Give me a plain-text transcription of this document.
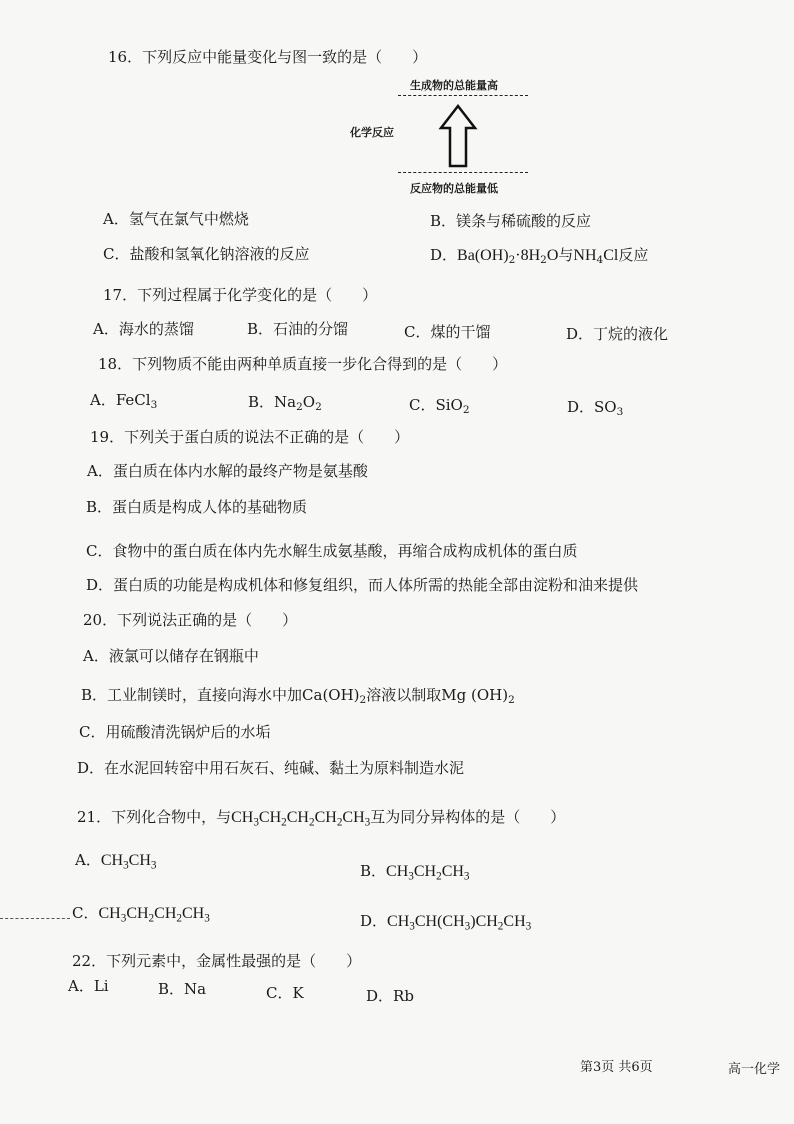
16．下列反应中能量变化与图一致的是（　　）
生成物的总能量高
化学反应
反应物的总能量低
A．氢气在氯气中燃烧	B．镁条与稀硫酸的反应
C．盐酸和氢氧化钠溶液的反应	D．$Ba(OH)_2\cdot 8H_2O$与$NH_4Cl$反应
17．下列过程属于化学变化的是（　　）
A．海水的蒸馏	B．石油的分馏	C．煤的干馏	D．丁烷的液化
18．下列物质不能由两种单质直接一步化合得到的是（　　）
A．FeCl$_3$	B．$Na_2O_2$	C．SiO$_2$	D．$SO_3$
19．下列关于蛋白质的说法不正确的是（　　）
A．蛋白质在体内水解的最终产物是氨基酸
B．蛋白质是构成人体的基础物质
C．食物中的蛋白质在体内先水解生成氨基酸，再缩合成构成机体的蛋白质
D．蛋白质的功能是构成机体和修复组织，而人体所需的热能全部由淀粉和油来提供
20．下列说法正确的是（　　）
A．液氯可以储存在钢瓶中
B．工业制镁时，直接向海水中加$Ca(OH)_2$溶液以制取Mg $(OH)_2$
C．用硫酸清洗锅炉后的水垢
D．在水泥回转窑中用石灰石、纯碱、黏土为原料制造水泥
21．下列化合物中，与$CH_3CH_2CH_2CH_2CH_3$互为同分异构体的是（　　）
A．$CH_3CH_3$	B．$CH_3CH_2CH_3$
C．$CH_3CH_2CH_2CH_3$	D．$CH_3CH(CH_3)CH_2CH_3$
22．下列元素中，金属性最强的是（　　）
A．Li	B．Na	C．K	D．Rb
第3页 共6页	高一化学
